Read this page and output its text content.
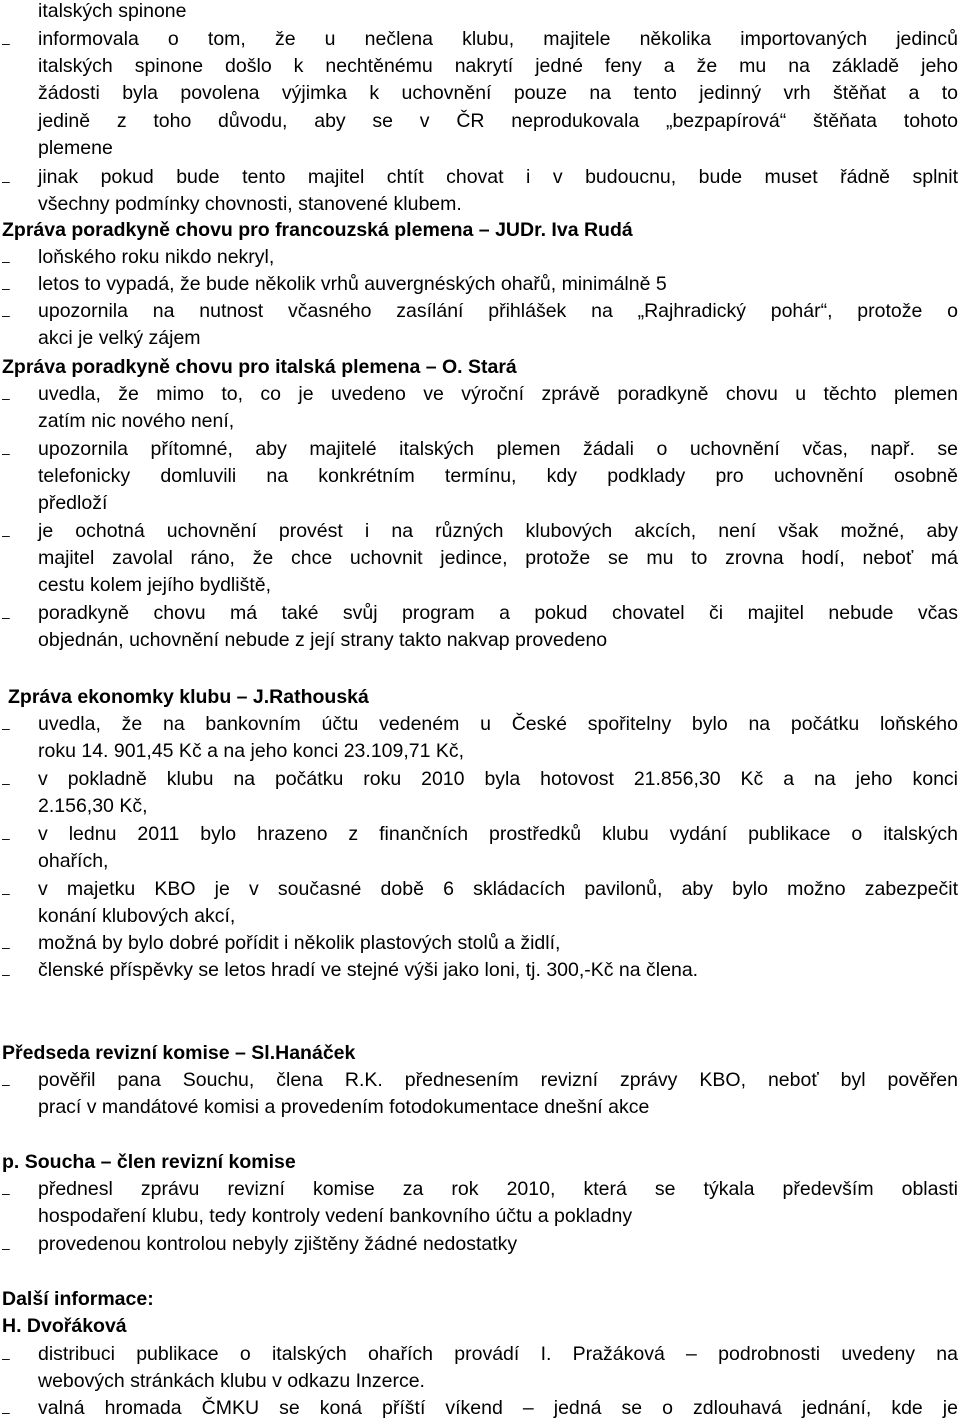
italských spinone
– informovala o tom, že u nečlena klubu, majitele několika importovaných jedinců
italských spinone došlo k nechtěnému nakrytí jedné feny a že mu na základě jeho
žádosti byla povolena výjimka k uchovnění pouze na tento jedinný vrh štěňat a to
jedině z toho důvodu, aby se v ČR neprodukovala „bezpapírová“ štěňata tohoto
plemene
– jinak pokud bude tento majitel chtít chovat i v budoucnu, bude muset řádně splnit
všechny podmínky chovnosti, stanovené klubem.
Zpráva poradkyně chovu pro francouzská plemena – JUDr. Iva Rudá
– loňského roku nikdo nekryl,
– letos to vypadá, že bude několik vrhů auvergnéských ohařů, minimálně 5
– upozornila na nutnost včasného zasílání přihlášek na „Rajhradický pohár“, protože o
akci je velký zájem
Zpráva poradkyně chovu pro italská plemena – O. Stará
– uvedla, že mimo to, co je uvedeno ve výroční zprávě poradkyně chovu u těchto plemen
zatím nic nového není,
– upozornila přítomné, aby majitelé italských plemen žádali o uchovnění včas, např. se
telefonicky domluvili na konkrétním termínu, kdy podklady pro uchovnění osobně
předloží
– je ochotná uchovnění provést i na různých klubových akcích, není však možné, aby
majitel zavolal ráno, že chce uchovnit jedince, protože se mu to zrovna hodí, neboť má
cestu kolem jejího bydliště,
– poradkyně chovu má také svůj program a pokud chovatel či majitel nebude včas
objednán, uchovnění nebude z její strany takto nakvap provedeno
Zpráva ekonomky klubu – J.Rathouská
– uvedla, že na bankovním účtu vedeném u České spořitelny bylo na počátku loňského
roku 14. 901,45 Kč a na jeho konci 23.109,71 Kč,
– v pokladně klubu na počátku roku 2010 byla hotovost 21.856,30 Kč a na jeho konci
2.156,30 Kč,
– v lednu 2011 bylo hrazeno z finančních prostředků klubu vydání publikace o italských
ohařích,
– v majetku KBO je v současné době 6 skládacích pavilonů, aby bylo možno zabezpečit
konání klubových akcí,
– možná by bylo dobré pořídit i několik plastových stolů a židlí,
– členské příspěvky se letos hradí ve stejné výši jako loni, tj. 300,-Kč na člena.
Předseda revizní komise – Sl.Hanáček
– pověřil pana Souchu, člena R.K. přednesením revizní zprávy KBO, neboť byl pověřen
prací v mandátové komisi a provedením fotodokumentace dnešní akce
p. Soucha – člen revizní komise
– přednesl zprávu revizní komise za rok 2010, která se týkala především oblasti
hospodaření klubu, tedy kontroly vedení bankovního účtu a pokladny
– provedenou kontrolou nebyly zjištěny žádné nedostatky
Další informace:
H. Dvořáková
– distribuci publikace o italských ohařích provádí I. Pražáková – podrobnosti uvedeny na
webových stránkách klubu v odkazu Inzerce.
– valná hromada ČMKU se koná příští víkend – jedná se o zdlouhavá jednání, kde je
